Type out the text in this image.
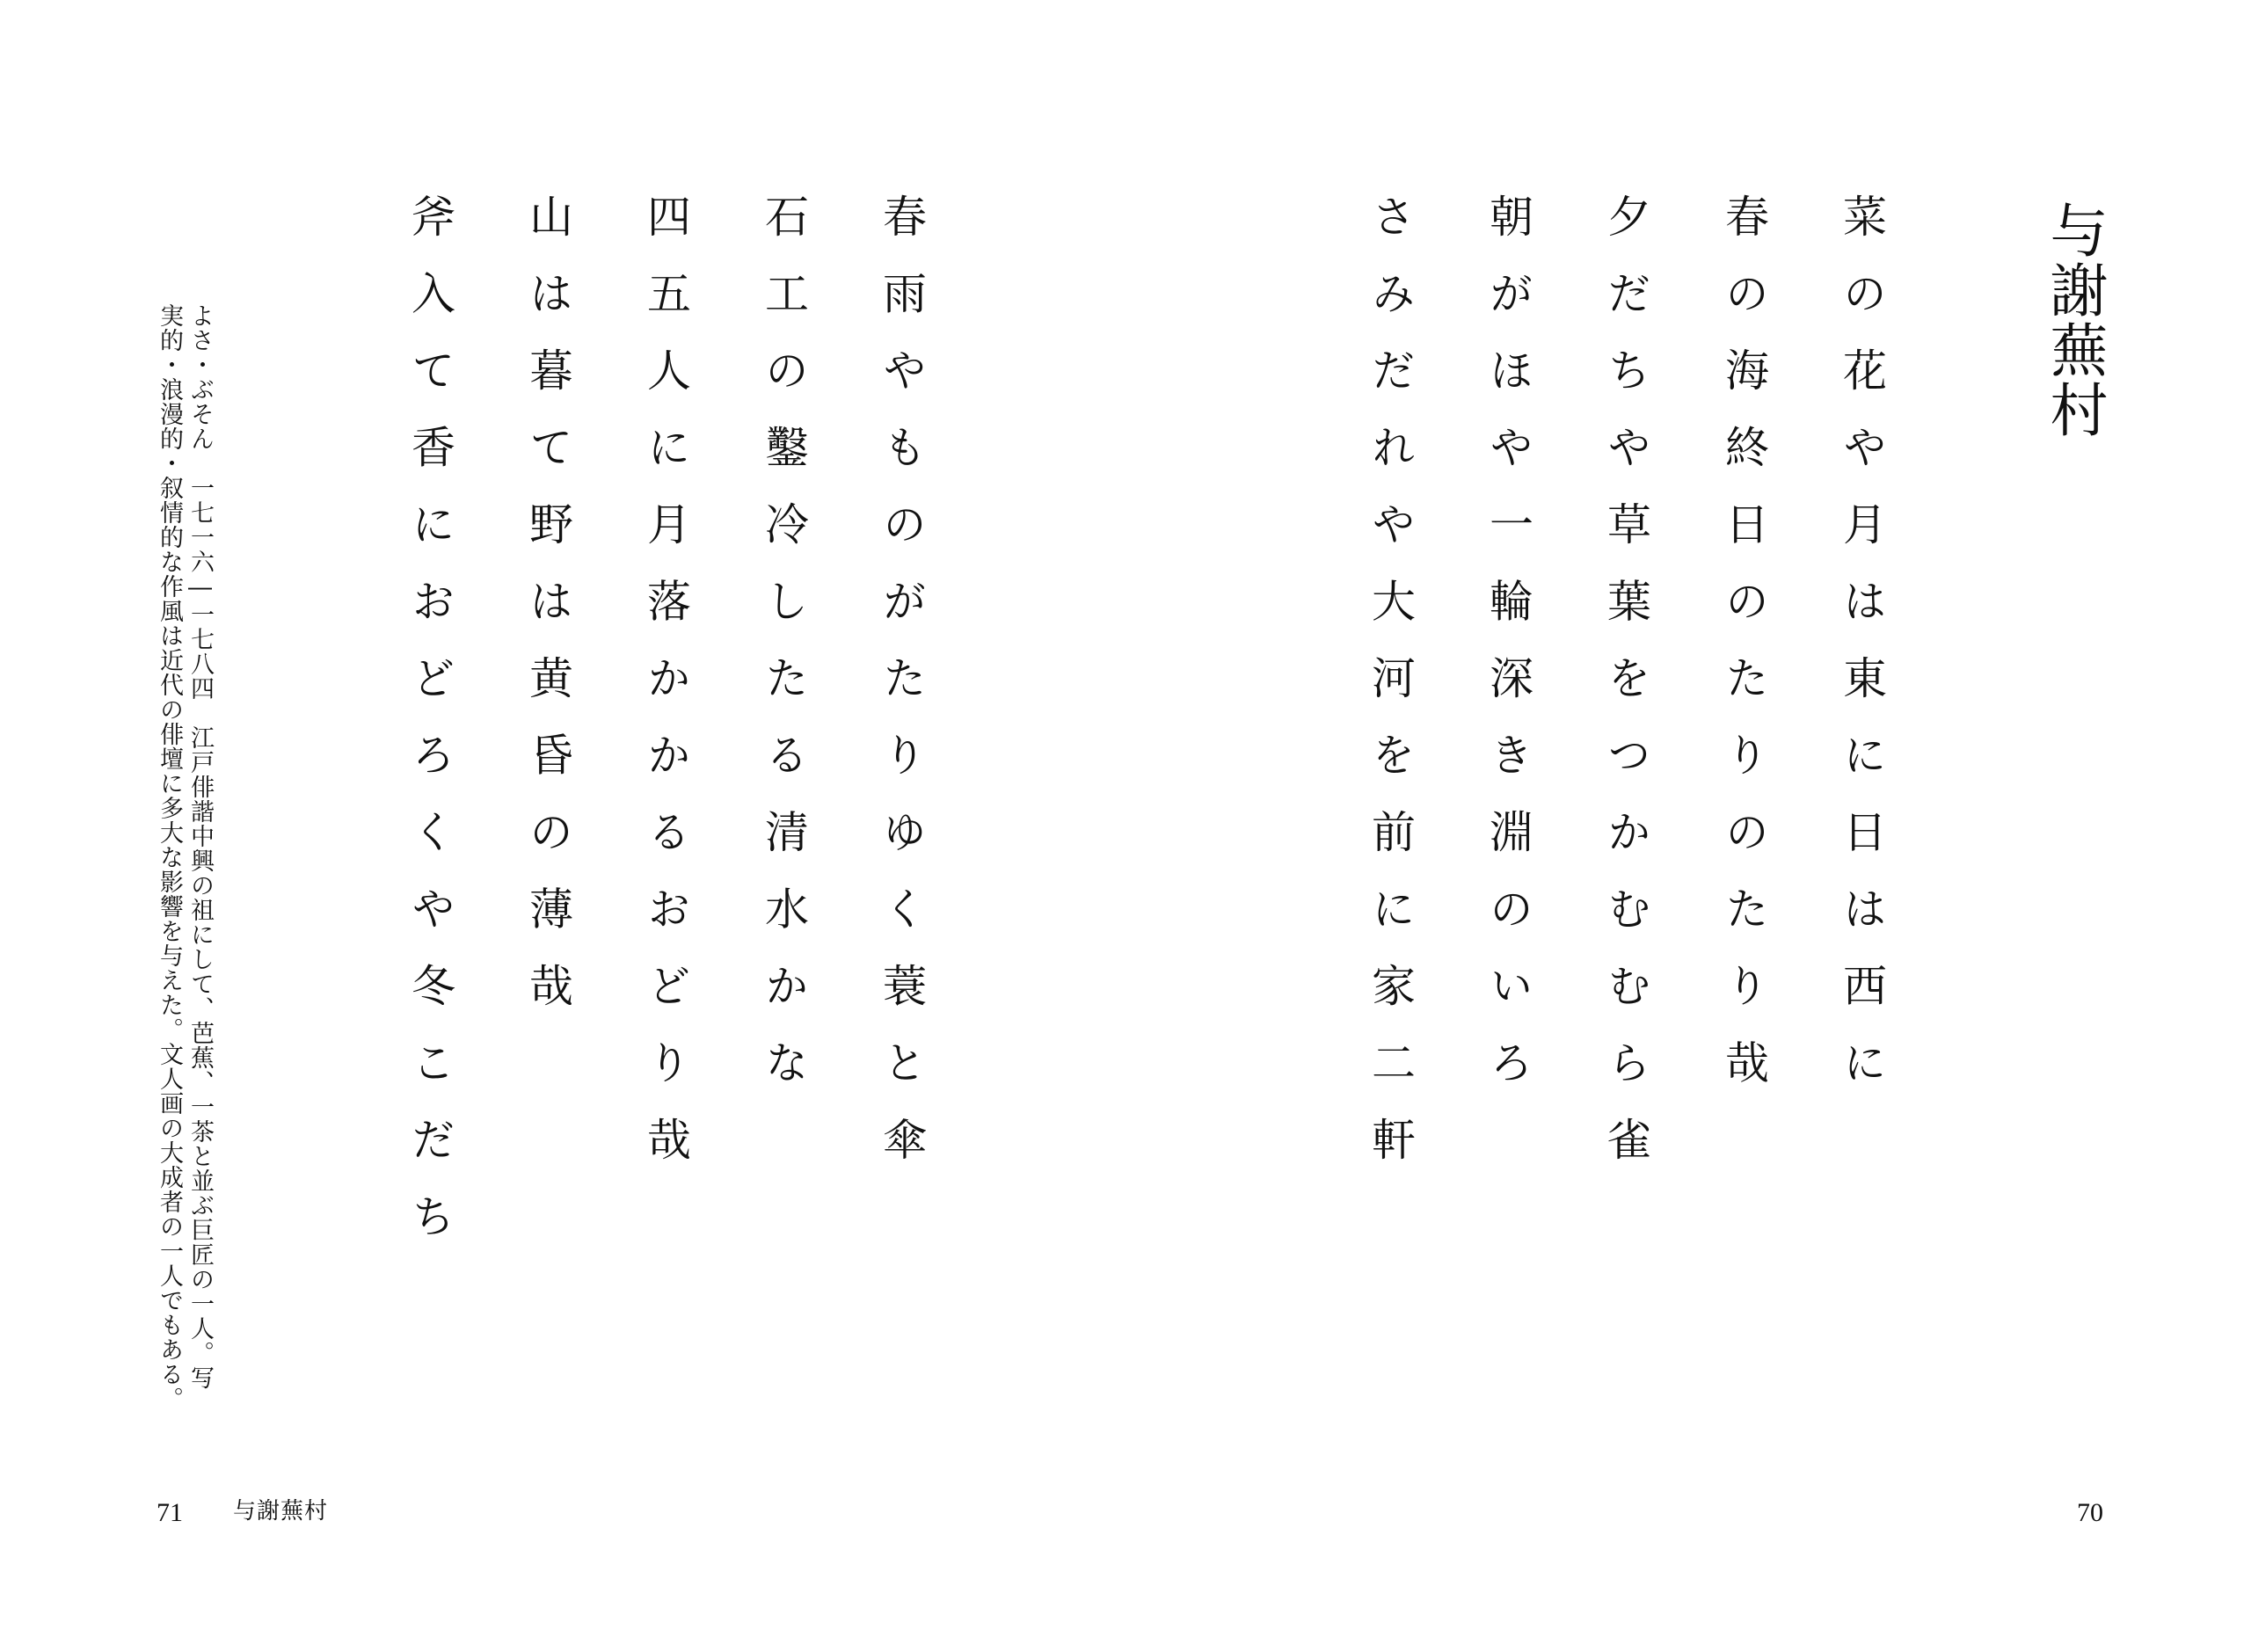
与謝蕪村
菜の花や月は東に日は西に
春の海終日のたりのたり哉
夕だちや草葉をつかむむら雀
朝がほや一輪深き淵のいろ
さみだれや大河を前に家二軒
春雨やものがたりゆく蓑と傘
石工の鑿冷したる清水かな
四五人に月落かかるおどり哉
山は暮て野は黄昏の薄哉
斧入て香におどろくや冬こだち
よさ・ぶそん　一七一六―一七八四　江戸俳諧中興の祖にして、芭蕉、一茶と並ぶ巨匠の一人。写
実的・浪漫的・叙情的な作風は近代の俳壇に多大な影響を与えた。文人画の大成者の一人でもある。
71 与謝蕪村	70
